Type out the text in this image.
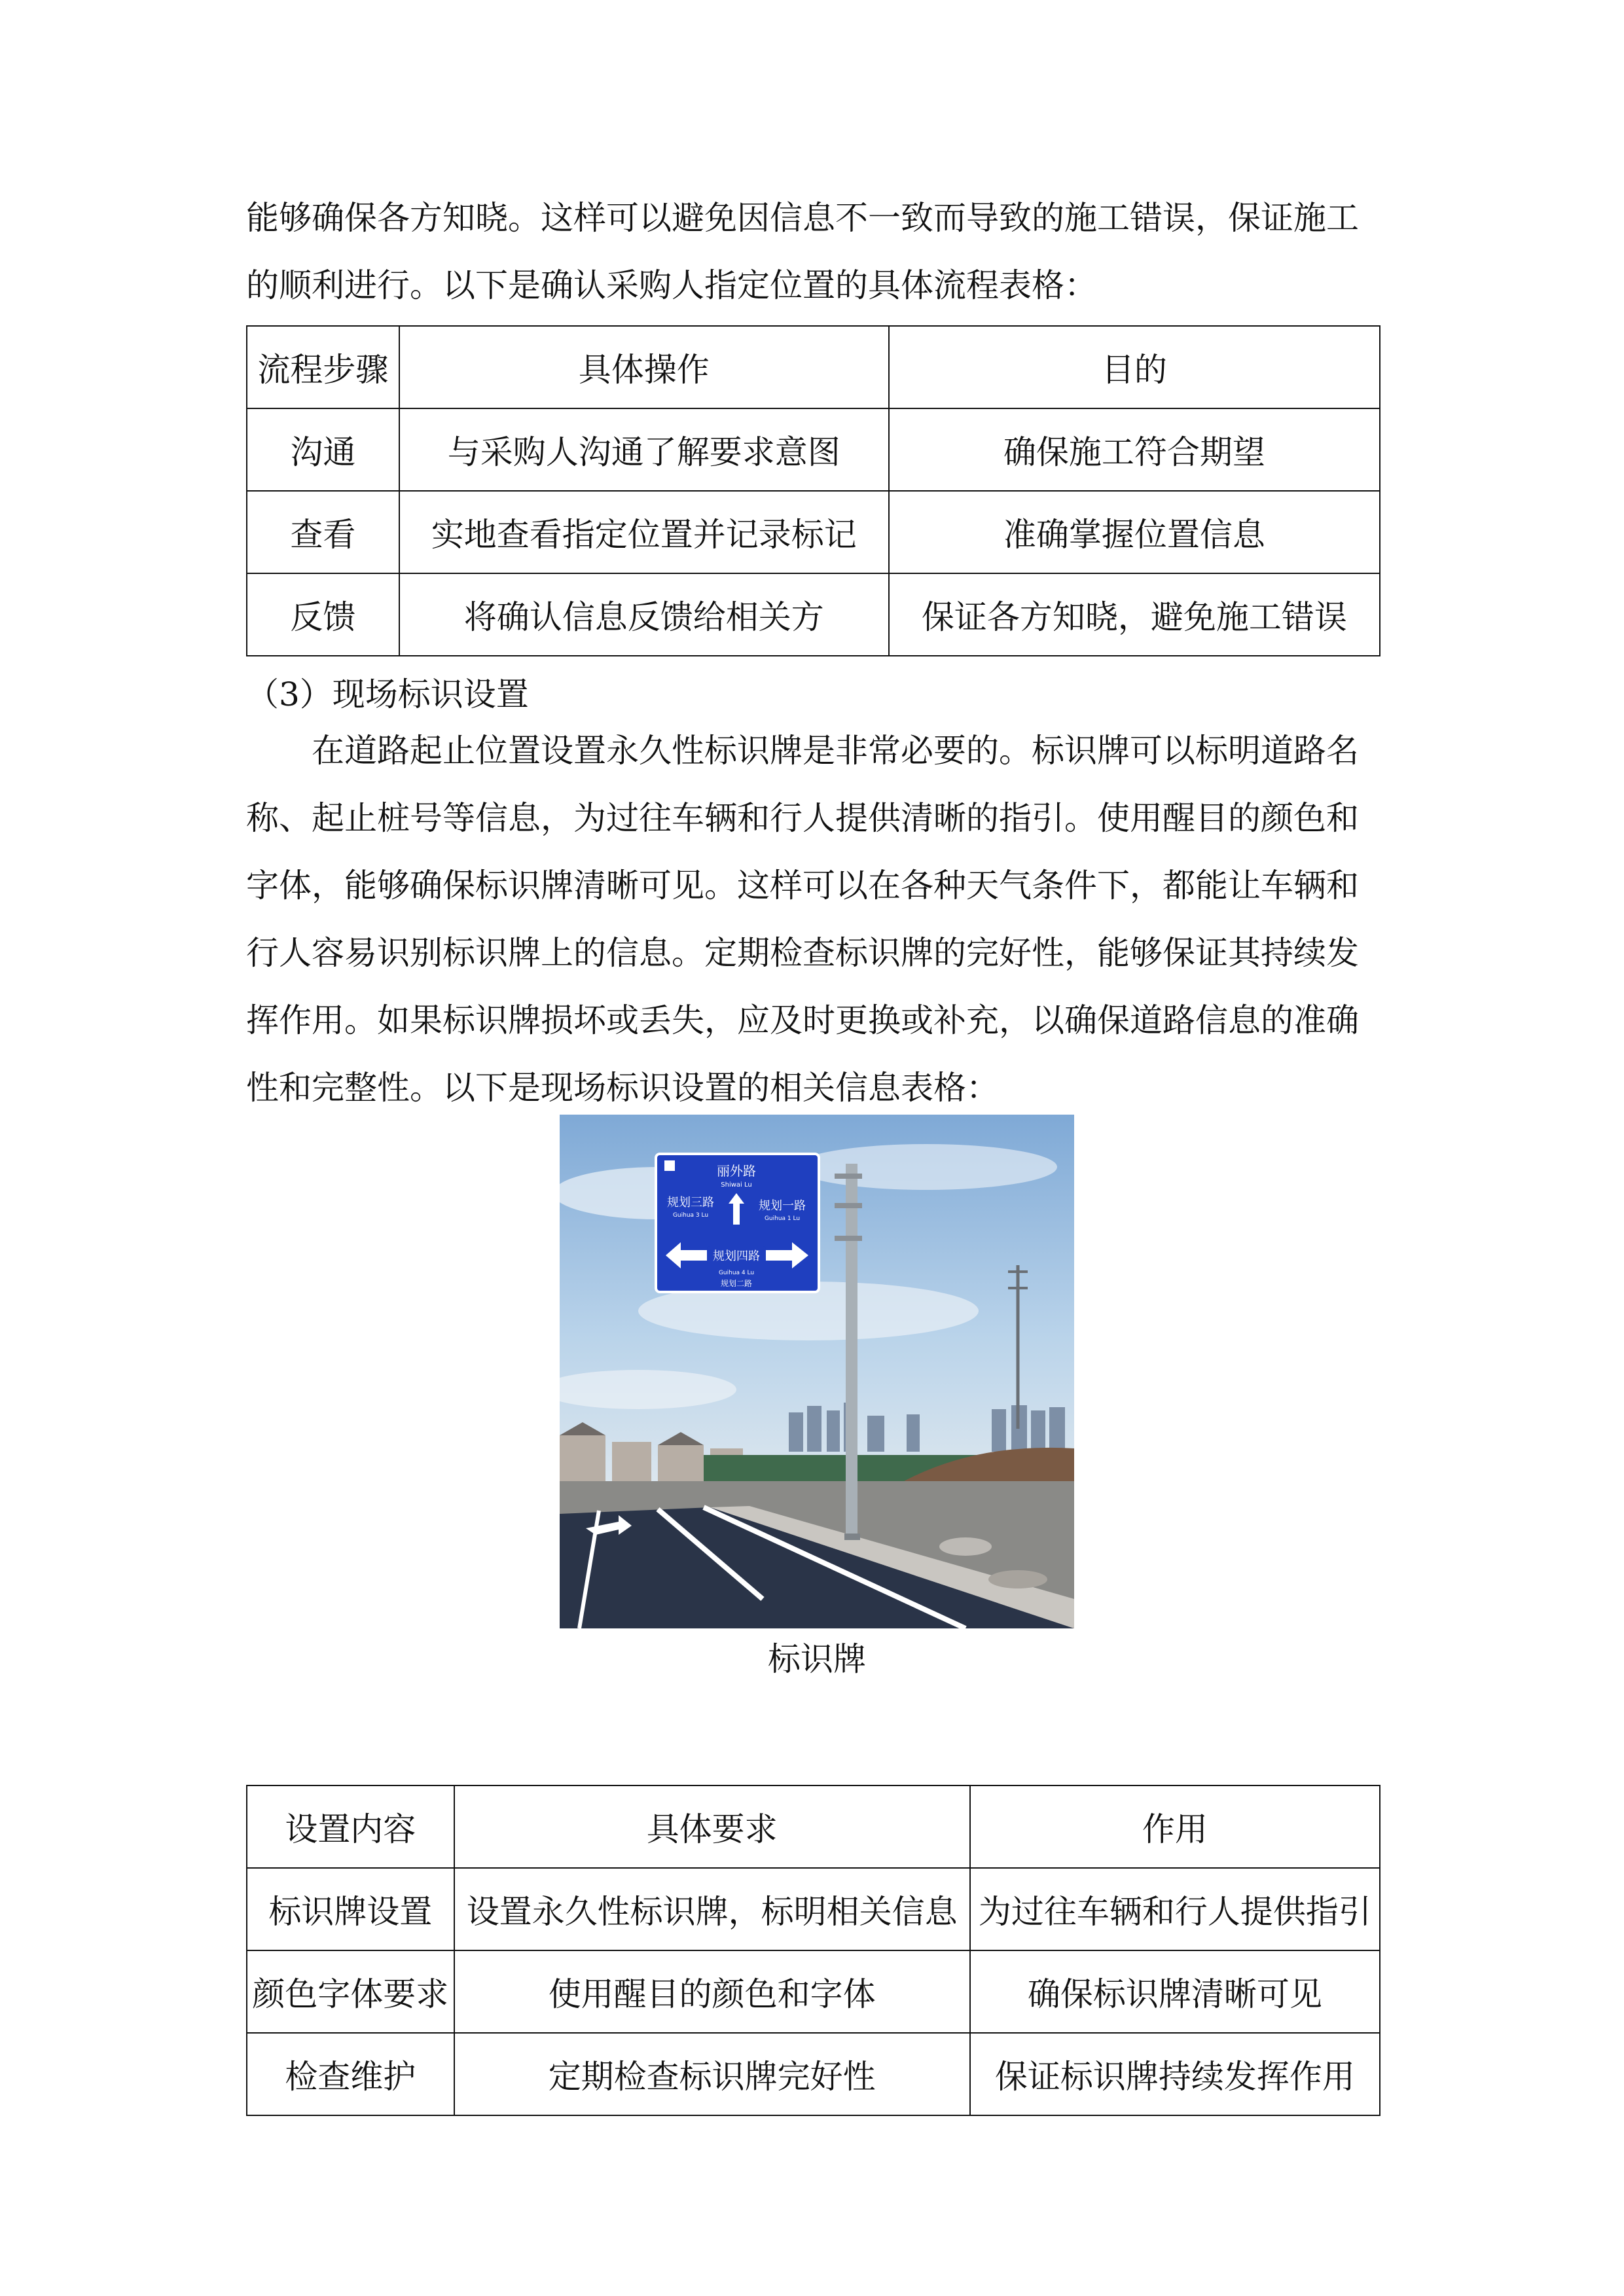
能够确保各方知晓。这样可以避免因信息不一致而导致的施工错误，保证施工的顺利进行。以下是确认采购人指定位置的具体流程表格：

流程步骤	具体操作	目的
沟通	与采购人沟通了解要求意图	确保施工符合期望
查看	实地查看指定位置并记录标记	准确掌握位置信息
反馈	将确认信息反馈给相关方	保证各方知晓，避免施工错误

（3）现场标识设置

在道路起止位置设置永久性标识牌是非常必要的。标识牌可以标明道路名称、起止桩号等信息，为过往车辆和行人提供清晰的指引。使用醒目的颜色和字体，能够确保标识牌清晰可见。这样可以在各种天气条件下，都能让车辆和行人容易识别标识牌上的信息。定期检查标识牌的完好性，能够保证其持续发挥作用。如果标识牌损坏或丢失，应及时更换或补充，以确保道路信息的准确性和完整性。以下是现场标识设置的相关信息表格：

丽外路
Shiwai Lu
规划三路
Guihua 3 Lu
规划一路
Guihua 1 Lu
规划四路
Guihua 4 Lu
规划二路
标识牌
设置内容	具体要求	作用
标识牌设置	设置永久性标识牌，标明相关信息	为过往车辆和行人提供指引
颜色字体要求	使用醒目的颜色和字体	确保标识牌清晰可见
检查维护	定期检查标识牌完好性	保证标识牌持续发挥作用
